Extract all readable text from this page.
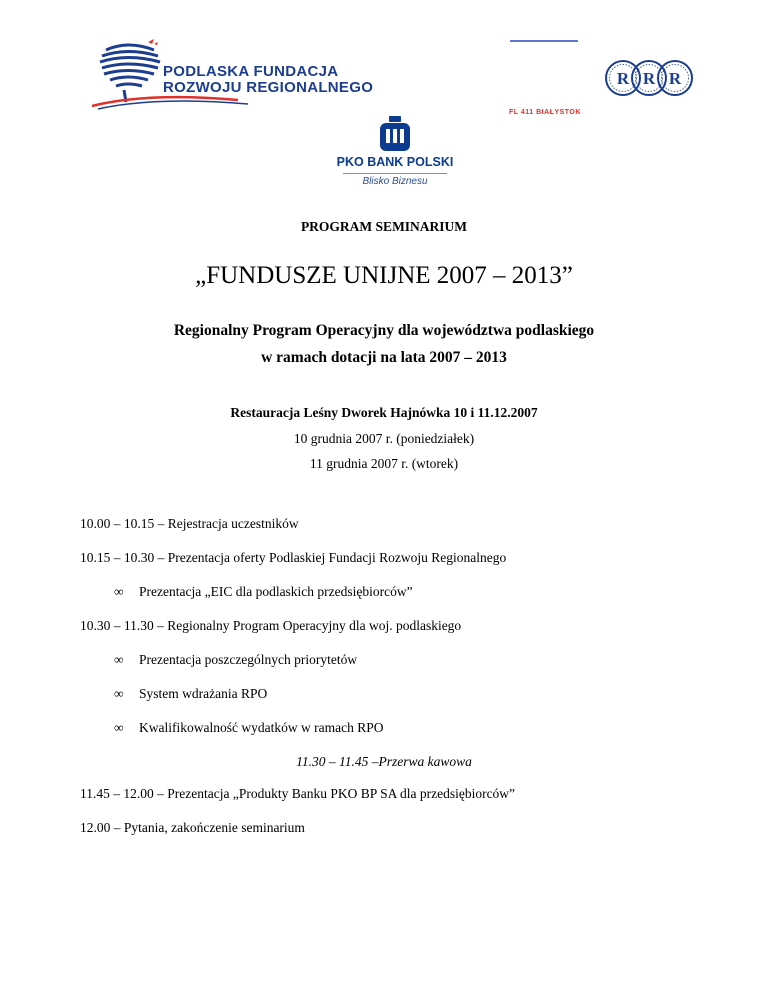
PODLASKA FUNDACJA
ROZWOJU REGIONALNEGO	R R R
FL 411 BIAŁYSTOK
PKO BANK POLSKI
Blisko Biznesu
PROGRAM SEMINARIUM
„FUNDUSZE UNIJNE 2007 – 2013”
Regionalny Program Operacyjny dla województwa podlaskiego
w ramach dotacji na lata 2007 – 2013
Restauracja Leśny Dworek Hajnówka 10 i 11.12.2007
10 grudnia 2007 r. (poniedziałek)
11 grudnia 2007 r. (wtorek)
10.00 – 10.15 – Rejestracja uczestników
10.15 – 10.30 – Prezentacja oferty Podlaskiej Fundacji Rozwoju Regionalnego
∞ Prezentacja „EIC dla podlaskich przedsiębiorców”
10.30 – 11.30 – Regionalny Program Operacyjny dla woj. podlaskiego
∞ Prezentacja poszczególnych priorytetów
∞ System wdrażania RPO
∞ Kwalifikowalność wydatków w ramach RPO
11.30 – 11.45 –Przerwa kawowa
11.45 – 12.00 – Prezentacja „Produkty Banku PKO BP SA dla przedsiębiorców”
12.00 – Pytania, zakończenie seminarium
